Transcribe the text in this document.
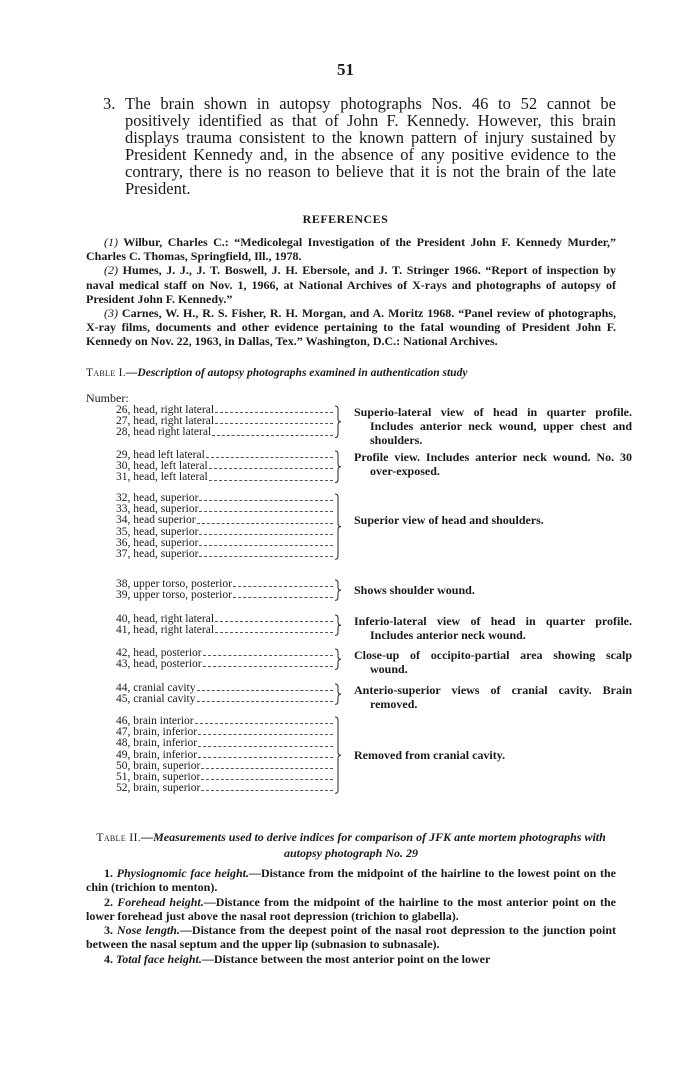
51
3. The brain shown in autopsy photographs Nos. 46 to 52 cannot be positively identified as that of John F. Kennedy. However, this brain displays trauma consistent to the known pattern of injury sustained by President Kennedy and, in the absence of any positive evidence to the contrary, there is no reason to believe that it is not the brain of the late President.
REFERENCES

(1) Wilbur, Charles C.: “Medicolegal Investigation of the President John F. Kennedy Murder,” Charles C. Thomas, Springfield, Ill., 1978.

(2) Humes, J. J., J. T. Boswell, J. H. Ebersole, and J. T. Stringer 1966. “Report of inspection by naval medical staff on Nov. 1, 1966, at National Archives of X-rays and photographs of autopsy of President John F. Kennedy.”

(3) Carnes, W. H., R. S. Fisher, R. H. Morgan, and A. Moritz 1968. “Panel review of photographs, X-ray films, documents and other evidence pertaining to the fatal wounding of President John F. Kennedy on Nov. 22, 1963, in Dallas, Tex.” Washington, D.C.: National Archives.

Table I.—Description of autopsy photographs examined in authentication study
Number:
26, head, right lateral
27, head, right lateral
28, head right lateral
Superio-lateral view of head in quarter profile. Includes anterior neck wound, upper chest and shoulders.
29, head left lateral
30, head, left lateral
31, head, left lateral
Profile view. Includes anterior neck wound. No. 30 over-exposed.
32, head, superior
33, head, superior
34, head superior
35, head, superior
36, head, superior
37, head, superior
Superior view of head and shoulders.
38, upper torso, posterior
39, upper torso, posterior	Shows shoulder wound.
40, head, right lateral
41, head, right lateral
Inferio-lateral view of head in quarter profile. Includes anterior neck wound.
42, head, posterior
43, head, posterior
Close-up of occipito-partial area showing scalp wound.
44, cranial cavity
45, cranial cavity
Anterio-superior views of cranial cavity. Brain removed.
46, brain interior
47, brain, inferior
48, brain, inferior
49, brain, inferior
50, brain, superior
51, brain, superior
52, brain, superior
Removed from cranial cavity.
Table II.—Measurements used to derive indices for comparison of JFK ante mortem photographs with autopsy photograph No. 29

1. Physiognomic face height.—Distance from the midpoint of the hairline to the lowest point on the chin (trichion to menton).

2. Forehead height.—Distance from the midpoint of the hairline to the most anterior point on the lower forehead just above the nasal root depression (trichion to glabella).

3. Nose length.—Distance from the deepest point of the nasal root depression to the junction point between the nasal septum and the upper lip (subnasion to subnasale).

4. Total face height.—Distance between the most anterior point on the lower
